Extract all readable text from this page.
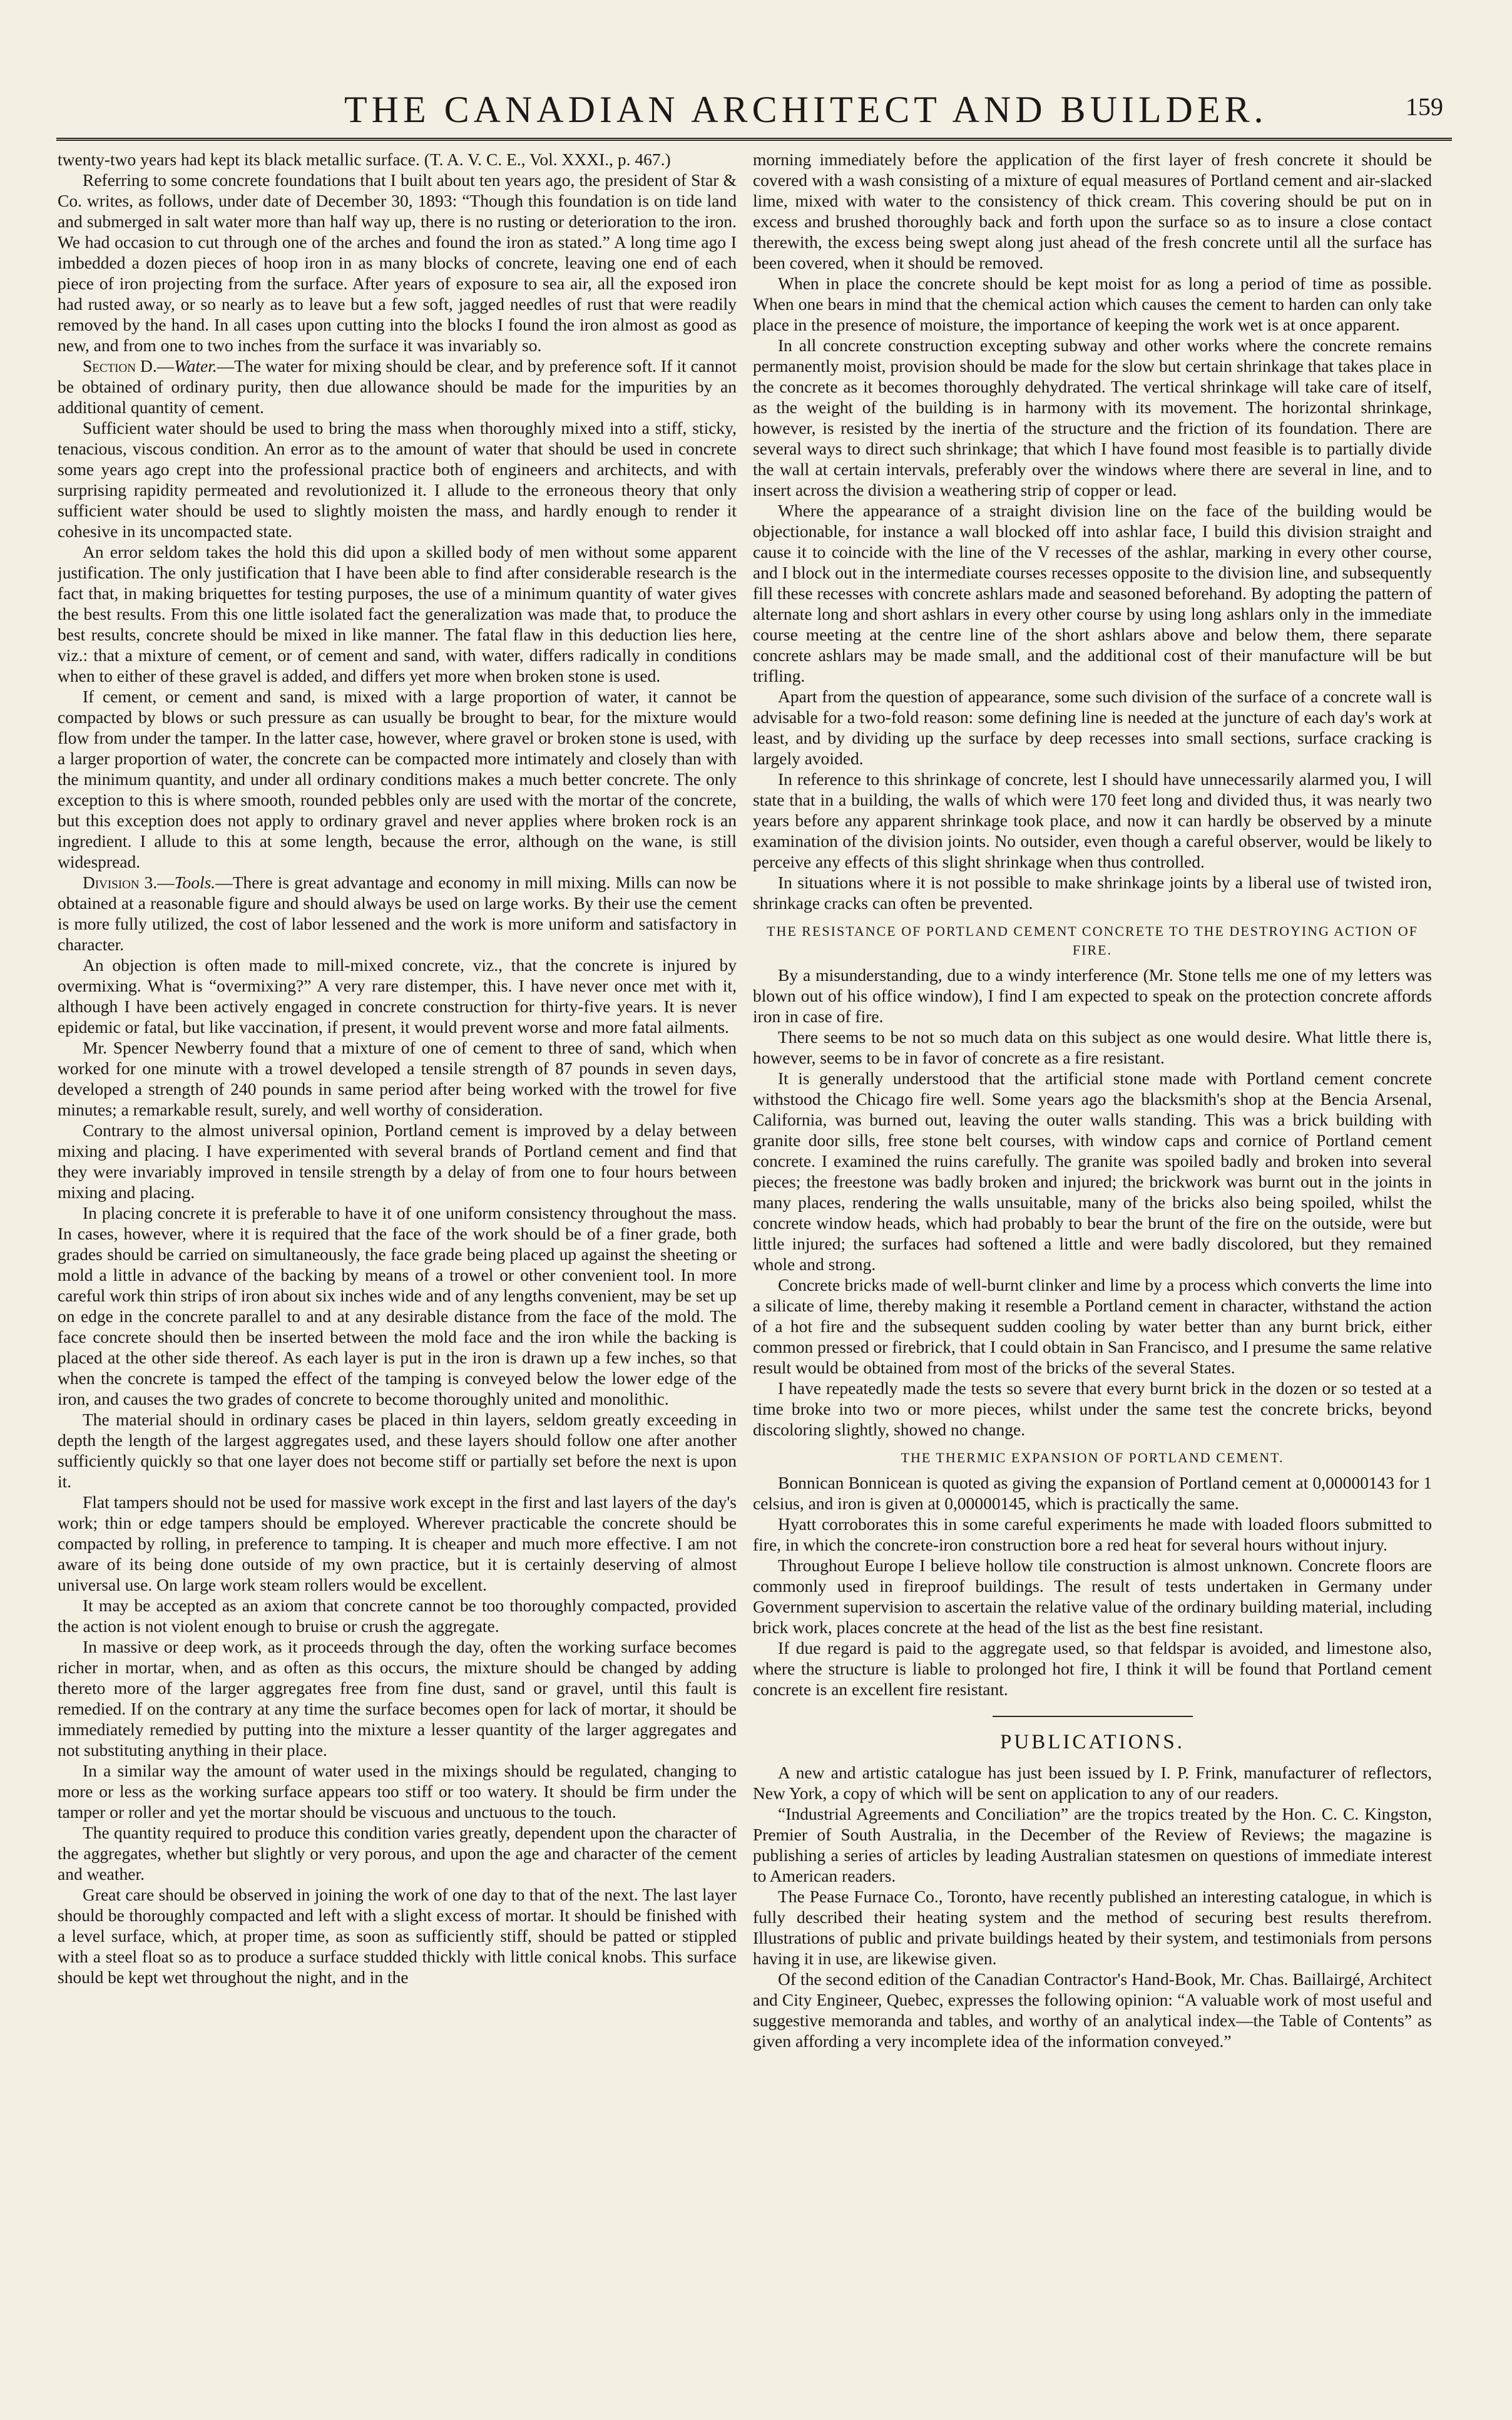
THE CANADIAN ARCHITECT AND BUILDER.	159

twenty-two years had kept its black metallic surface. (T. A. V. C. E., Vol. XXXI., p. 467.)

Referring to some concrete foundations that I built about ten years ago, the president of Star & Co. writes, as follows, under date of December 30, 1893: “Though this foundation is on tide land and submerged in salt water more than half way up, there is no rusting or deterioration to the iron. We had occasion to cut through one of the arches and found the iron as stated.” A long time ago I imbedded a dozen pieces of hoop iron in as many blocks of concrete, leaving one end of each piece of iron projecting from the surface. After years of exposure to sea air, all the exposed iron had rusted away, or so nearly as to leave but a few soft, jagged needles of rust that were readily removed by the hand. In all cases upon cutting into the blocks I found the iron almost as good as new, and from one to two inches from the surface it was invariably so.

Section D.—Water.—The water for mixing should be clear, and by preference soft. If it cannot be obtained of ordinary purity, then due allowance should be made for the impurities by an additional quantity of cement.

Sufficient water should be used to bring the mass when thoroughly mixed into a stiff, sticky, tenacious, viscous condition. An error as to the amount of water that should be used in concrete some years ago crept into the professional practice both of engineers and architects, and with surprising rapidity permeated and revolutionized it. I allude to the erroneous theory that only sufficient water should be used to slightly moisten the mass, and hardly enough to render it cohesive in its uncompacted state.

An error seldom takes the hold this did upon a skilled body of men without some apparent justification. The only justification that I have been able to find after considerable research is the fact that, in making briquettes for testing purposes, the use of a minimum quantity of water gives the best results. From this one little isolated fact the generalization was made that, to produce the best results, concrete should be mixed in like manner. The fatal flaw in this deduction lies here, viz.: that a mixture of cement, or of cement and sand, with water, differs radically in conditions when to either of these gravel is added, and differs yet more when broken stone is used.

If cement, or cement and sand, is mixed with a large proportion of water, it cannot be compacted by blows or such pressure as can usually be brought to bear, for the mixture would flow from under the tamper. In the latter case, however, where gravel or broken stone is used, with a larger proportion of water, the concrete can be compacted more intimately and closely than with the minimum quantity, and under all ordinary conditions makes a much better concrete. The only exception to this is where smooth, rounded pebbles only are used with the mortar of the concrete, but this exception does not apply to ordinary gravel and never applies where broken rock is an ingredient. I allude to this at some length, because the error, although on the wane, is still widespread.

Division 3.—Tools.—There is great advantage and economy in mill mixing. Mills can now be obtained at a reasonable figure and should always be used on large works. By their use the cement is more fully utilized, the cost of labor lessened and the work is more uniform and satisfactory in character.

An objection is often made to mill-mixed concrete, viz., that the concrete is injured by overmixing. What is “overmixing?” A very rare distemper, this. I have never once met with it, although I have been actively engaged in concrete construction for thirty-five years. It is never epidemic or fatal, but like vaccination, if present, it would prevent worse and more fatal ailments.

Mr. Spencer Newberry found that a mixture of one of cement to three of sand, which when worked for one minute with a trowel developed a tensile strength of 87 pounds in seven days, developed a strength of 240 pounds in same period after being worked with the trowel for five minutes; a remarkable result, surely, and well worthy of consideration.

Contrary to the almost universal opinion, Portland cement is improved by a delay between mixing and placing. I have experimented with several brands of Portland cement and find that they were invariably improved in tensile strength by a delay of from one to four hours between mixing and placing.

In placing concrete it is preferable to have it of one uniform consistency throughout the mass. In cases, however, where it is required that the face of the work should be of a finer grade, both grades should be carried on simultaneously, the face grade being placed up against the sheeting or mold a little in advance of the backing by means of a trowel or other convenient tool. In more careful work thin strips of iron about six inches wide and of any lengths convenient, may be set up on edge in the concrete parallel to and at any desirable distance from the face of the mold. The face concrete should then be inserted between the mold face and the iron while the backing is placed at the other side thereof. As each layer is put in the iron is drawn up a few inches, so that when the concrete is tamped the effect of the tamping is conveyed below the lower edge of the iron, and causes the two grades of concrete to become thoroughly united and monolithic.

The material should in ordinary cases be placed in thin layers, seldom greatly exceeding in depth the length of the largest aggregates used, and these layers should follow one after another sufficiently quickly so that one layer does not become stiff or partially set before the next is upon it.

Flat tampers should not be used for massive work except in the first and last layers of the day's work; thin or edge tampers should be employed. Wherever practicable the concrete should be compacted by rolling, in preference to tamping. It is cheaper and much more effective. I am not aware of its being done outside of my own practice, but it is certainly deserving of almost universal use. On large work steam rollers would be excellent.

It may be accepted as an axiom that concrete cannot be too thoroughly compacted, provided the action is not violent enough to bruise or crush the aggregate.

In massive or deep work, as it proceeds through the day, often the working surface becomes richer in mortar, when, and as often as this occurs, the mixture should be changed by adding thereto more of the larger aggregates free from fine dust, sand or gravel, until this fault is remedied. If on the contrary at any time the surface becomes open for lack of mortar, it should be immediately remedied by putting into the mixture a lesser quantity of the larger aggregates and not substituting anything in their place.

In a similar way the amount of water used in the mixings should be regulated, changing to more or less as the working surface appears too stiff or too watery. It should be firm under the tamper or roller and yet the mortar should be viscuous and unctuous to the touch.

The quantity required to produce this condition varies greatly, dependent upon the character of the aggregates, whether but slightly or very porous, and upon the age and character of the cement and weather.

Great care should be observed in joining the work of one day to that of the next. The last layer should be thoroughly compacted and left with a slight excess of mortar. It should be finished with a level surface, which, at proper time, as soon as sufficiently stiff, should be patted or stippled with a steel float so as to produce a surface studded thickly with little conical knobs. This surface should be kept wet throughout the night, and in the

morning immediately before the application of the first layer of fresh concrete it should be covered with a wash consisting of a mixture of equal measures of Portland cement and air-slacked lime, mixed with water to the consistency of thick cream. This covering should be put on in excess and brushed thoroughly back and forth upon the surface so as to insure a close contact therewith, the excess being swept along just ahead of the fresh concrete until all the surface has been covered, when it should be removed.

When in place the concrete should be kept moist for as long a period of time as possible. When one bears in mind that the chemical action which causes the cement to harden can only take place in the presence of moisture, the importance of keeping the work wet is at once apparent.

In all concrete construction excepting subway and other works where the concrete remains permanently moist, provision should be made for the slow but certain shrinkage that takes place in the concrete as it becomes thoroughly dehydrated. The vertical shrinkage will take care of itself, as the weight of the building is in harmony with its movement. The horizontal shrinkage, however, is resisted by the inertia of the structure and the friction of its foundation. There are several ways to direct such shrinkage; that which I have found most feasible is to partially divide the wall at certain intervals, preferably over the windows where there are several in line, and to insert across the division a weathering strip of copper or lead.

Where the appearance of a straight division line on the face of the building would be objectionable, for instance a wall blocked off into ashlar face, I build this division straight and cause it to coincide with the line of the V recesses of the ashlar, marking in every other course, and I block out in the intermediate courses recesses opposite to the division line, and subsequently fill these recesses with concrete ashlars made and seasoned beforehand. By adopting the pattern of alternate long and short ashlars in every other course by using long ashlars only in the immediate course meeting at the centre line of the short ashlars above and below them, there separate concrete ashlars may be made small, and the additional cost of their manufacture will be but trifling.

Apart from the question of appearance, some such division of the surface of a concrete wall is advisable for a two-fold reason: some defining line is needed at the juncture of each day's work at least, and by dividing up the surface by deep recesses into small sections, surface cracking is largely avoided.

In reference to this shrinkage of concrete, lest I should have unnecessarily alarmed you, I will state that in a building, the walls of which were 170 feet long and divided thus, it was nearly two years before any apparent shrinkage took place, and now it can hardly be observed by a minute examination of the division joints. No outsider, even though a careful observer, would be likely to perceive any effects of this slight shrinkage when thus controlled.

In situations where it is not possible to make shrinkage joints by a liberal use of twisted iron, shrinkage cracks can often be prevented.

THE RESISTANCE OF PORTLAND CEMENT CONCRETE TO THE DESTROYING ACTION OF FIRE.

By a misunderstanding, due to a windy interference (Mr. Stone tells me one of my letters was blown out of his office window), I find I am expected to speak on the protection concrete affords iron in case of fire.

There seems to be not so much data on this subject as one would desire. What little there is, however, seems to be in favor of concrete as a fire resistant.

It is generally understood that the artificial stone made with Portland cement concrete withstood the Chicago fire well. Some years ago the blacksmith's shop at the Bencia Arsenal, California, was burned out, leaving the outer walls standing. This was a brick building with granite door sills, free stone belt courses, with window caps and cornice of Portland cement concrete. I examined the ruins carefully. The granite was spoiled badly and broken into several pieces; the freestone was badly broken and injured; the brickwork was burnt out in the joints in many places, rendering the walls unsuitable, many of the bricks also being spoiled, whilst the concrete window heads, which had probably to bear the brunt of the fire on the outside, were but little injured; the surfaces had softened a little and were badly discolored, but they remained whole and strong.

Concrete bricks made of well-burnt clinker and lime by a process which converts the lime into a silicate of lime, thereby making it resemble a Portland cement in character, withstand the action of a hot fire and the subsequent sudden cooling by water better than any burnt brick, either common pressed or firebrick, that I could obtain in San Francisco, and I presume the same relative result would be obtained from most of the bricks of the several States.

I have repeatedly made the tests so severe that every burnt brick in the dozen or so tested at a time broke into two or more pieces, whilst under the same test the concrete bricks, beyond discoloring slightly, showed no change.

THE THERMIC EXPANSION OF PORTLAND CEMENT.

Bonnican Bonnicean is quoted as giving the expansion of Portland cement at 0,00000143 for 1 celsius, and iron is given at 0,00000145, which is practically the same.

Hyatt corroborates this in some careful experiments he made with loaded floors submitted to fire, in which the concrete-iron construction bore a red heat for several hours without injury.

Throughout Europe I believe hollow tile construction is almost unknown. Concrete floors are commonly used in fireproof buildings. The result of tests undertaken in Germany under Government supervision to ascertain the relative value of the ordinary building material, including brick work, places concrete at the head of the list as the best fine resistant.

If due regard is paid to the aggregate used, so that feldspar is avoided, and limestone also, where the structure is liable to prolonged hot fire, I think it will be found that Portland cement concrete is an excellent fire resistant.

PUBLICATIONS.

A new and artistic catalogue has just been issued by I. P. Frink, manufacturer of reflectors, New York, a copy of which will be sent on application to any of our readers.

“Industrial Agreements and Conciliation” are the tropics treated by the Hon. C. C. Kingston, Premier of South Australia, in the December of the Review of Reviews; the magazine is publishing a series of articles by leading Australian statesmen on questions of immediate interest to American readers.

The Pease Furnace Co., Toronto, have recently published an interesting catalogue, in which is fully described their heating system and the method of securing best results therefrom. Illustrations of public and private buildings heated by their system, and testimonials from persons having it in use, are likewise given.

Of the second edition of the Canadian Contractor's Hand-Book, Mr. Chas. Baillairgé, Architect and City Engineer, Quebec, expresses the following opinion: “A valuable work of most useful and suggestive memoranda and tables, and worthy of an analytical index—the Table of Contents” as given affording a very incomplete idea of the information conveyed.”
